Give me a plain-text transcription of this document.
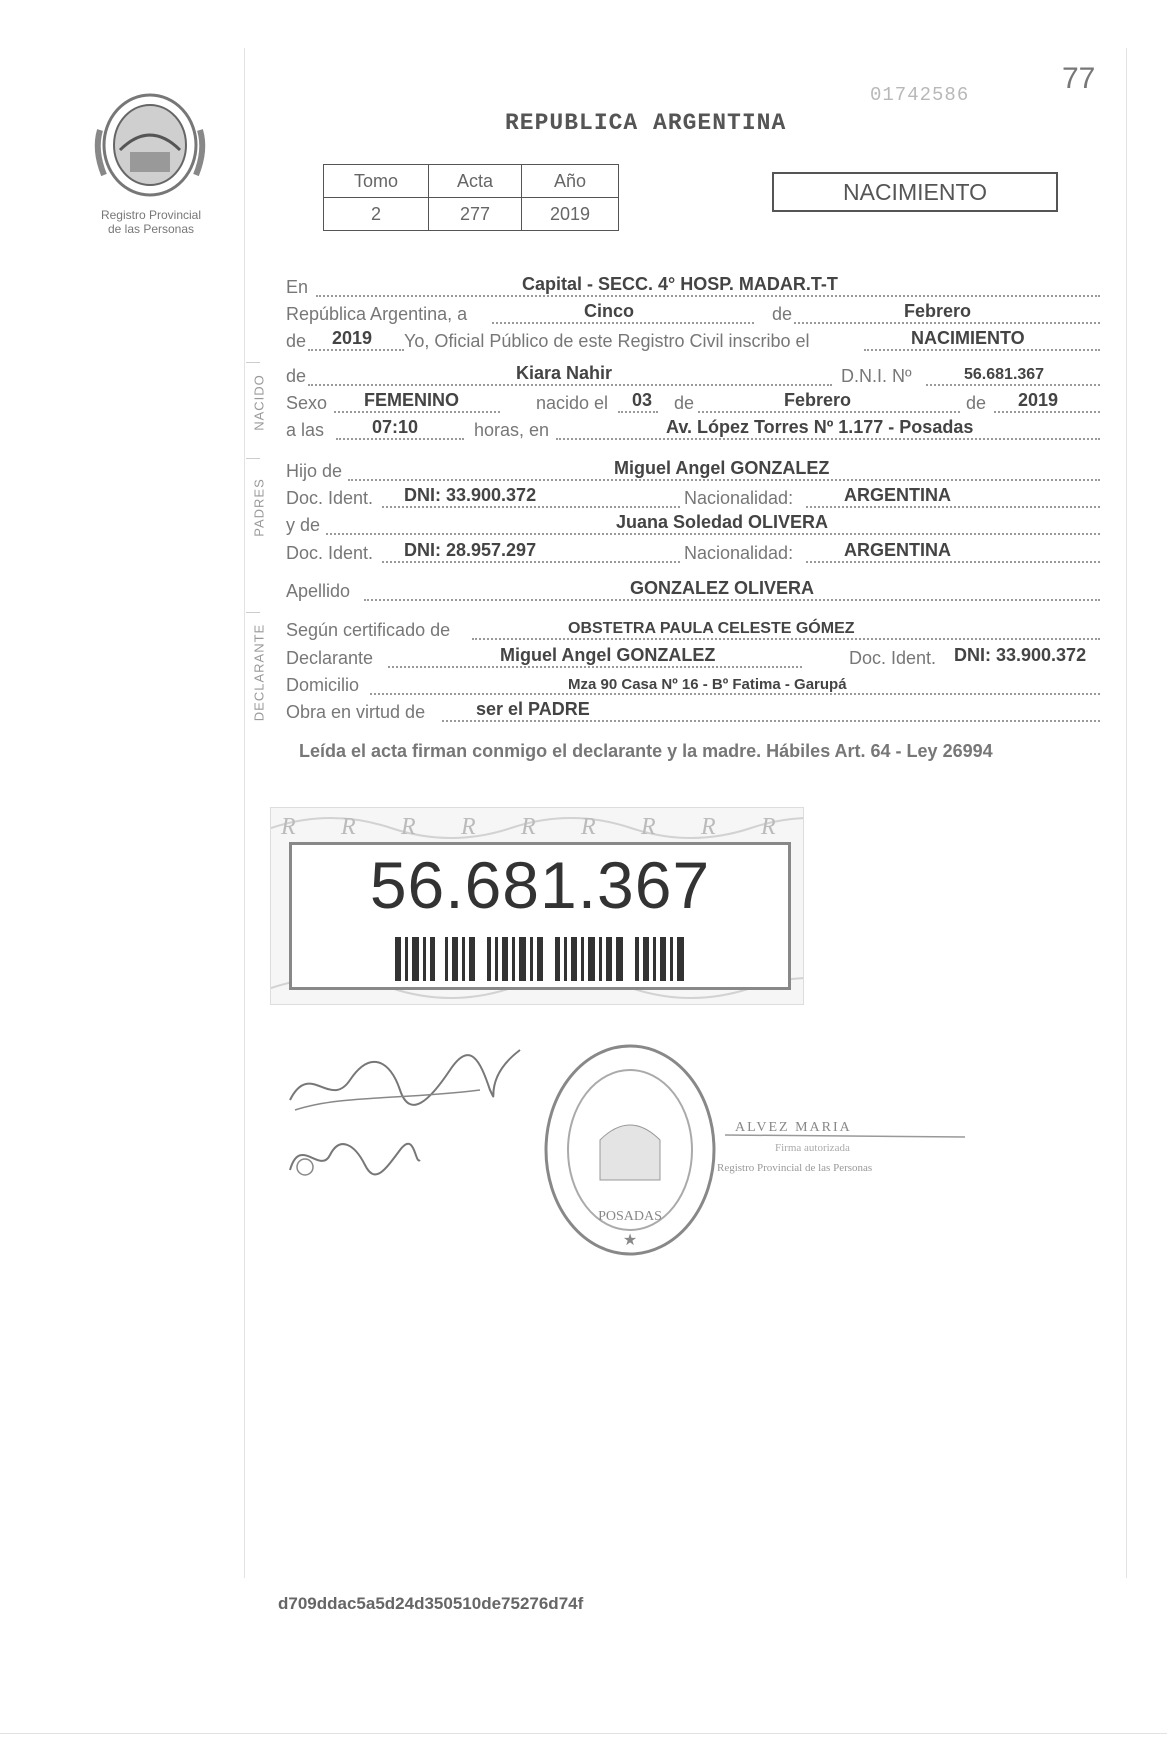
Registro Provincial
de las Personas
REPUBLICA ARGENTINA
01742586	77
Tomo	Acta	Año
2	277	2019
NACIMIENTO
NACIDO
PADRES
DECLARANTE
En	Capital - SECC. 4° HOSP. MADAR.T-T
República Argentina, a	Cinco	de	Febrero
de 2019 Yo, Oficial Público de este Registro Civil inscribo el	NACIMIENTO
de	Kiara Nahir	D.N.I. Nº	56.681.367
Sexo FEMENINO	nacido el 03 de	Febrero	de 2019
a las	07:10	horas, en	Av. López Torres Nº 1.177 - Posadas
Hijo de	Miguel Angel GONZALEZ
Doc. Ident. DNI: 33.900.372	Nacionalidad:	ARGENTINA
y de	Juana Soledad OLIVERA
Doc. Ident. DNI: 28.957.297	Nacionalidad:	ARGENTINA
Apellido	GONZALEZ OLIVERA
Según certificado de	OBSTETRA PAULA CELESTE GÓMEZ
Declarante	Miguel Angel GONZALEZ	Doc. Ident. DNI: 33.900.372
Domicilio	Mza 90 Casa Nº 16 - Bº Fatima - Garupá
Obra en virtud de	ser el PADRE
Leída el acta firman conmigo el declarante y la madre. Hábiles Art. 64 - Ley 26994
R R R R R R R R R
56.681.367
POSADAS
★
ALVEZ MARIA
Firma autorizada
Registro Provincial de las Personas
d709ddac5a5d24d350510de75276d74f
